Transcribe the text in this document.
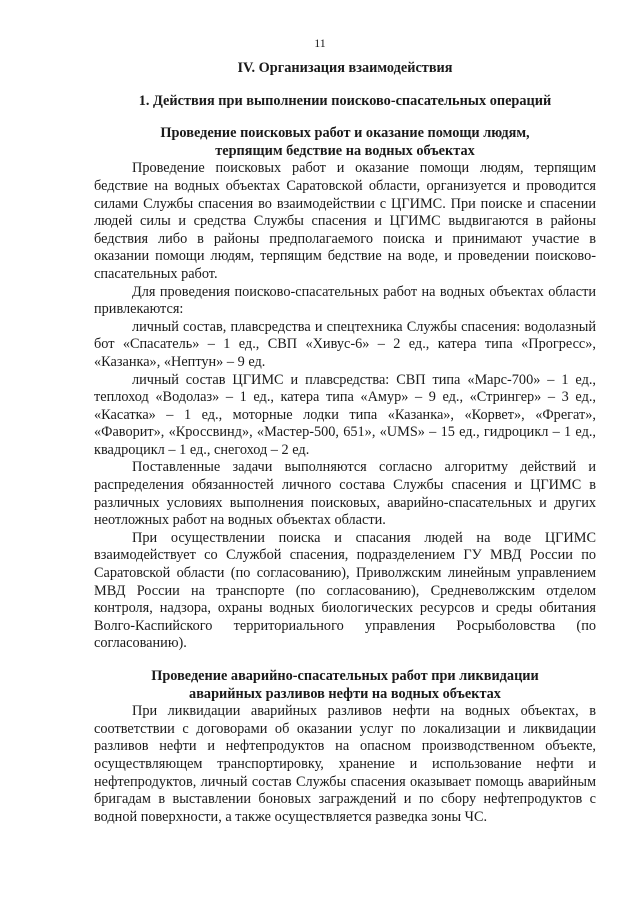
11
IV. Организация взаимодействия
1. Действия при выполнении поисково-спасательных операций
Проведение поисковых работ и оказание помощи людям,
терпящим бедствие на водных объектах

Проведение поисковых работ и оказание помощи людям, терпящим бедствие на водных объектах Саратовской области, организуется и проводится силами Службы спасения во взаимодействии с ЦГИМС. При поиске и спасении людей силы и средства Службы спасения и ЦГИМС выдвигаются в районы бедствия либо в районы предполагаемого поиска и принимают участие в оказании помощи людям, терпящим бедствие на воде, и проведении поисково-спасательных работ.

Для проведения поисково-спасательных работ на водных объектах области привлекаются:

личный состав, плавсредства и спецтехника Службы спасения: водолазный бот «Спасатель» – 1 ед., СВП «Хивус-6» – 2 ед., катера типа «Прогресс», «Казанка», «Нептун» – 9 ед.

личный состав ЦГИМС и плавсредства: СВП типа «Марс-700» – 1 ед., теплоход «Водолаз» – 1 ед., катера типа «Амур» – 9 ед., «Стрингер» – 3 ед., «Касатка» – 1 ед., моторные лодки типа «Казанка», «Корвет», «Фрегат», «Фаворит», «Кроссвинд», «Мастер-500, 651», «UMS» – 15 ед., гидроцикл – 1 ед., квадроцикл – 1 ед., снегоход – 2 ед.

Поставленные задачи выполняются согласно алгоритму действий и распределения обязанностей личного состава Службы спасения и ЦГИМС в различных условиях выполнения поисковых, аварийно-спасательных и других неотложных работ на водных объектах области.

При осуществлении поиска и спасания людей на воде ЦГИМС взаимодействует со Службой спасения, подразделением ГУ МВД России по Саратовской области (по согласованию), Приволжским линейным управлением МВД России на транспорте (по согласованию), Средневолжским отделом контроля, надзора, охраны водных биологических ресурсов и среды обитания Волго-Каспийского территориального управления Росрыболовства (по согласованию).

Проведение аварийно-спасательных работ при ликвидации
аварийных разливов нефти на водных объектах

При ликвидации аварийных разливов нефти на водных объектах, в соответствии с договорами об оказании услуг по локализации и ликвидации разливов нефти и нефтепродуктов на опасном производственном объекте, осуществляющем транспортировку, хранение и использование нефти и нефтепродуктов, личный состав Службы спасения оказывает помощь аварийным бригадам в выставлении боновых заграждений и по сбору нефтепродуктов с водной поверхности, а также осуществляется разведка зоны ЧС.
